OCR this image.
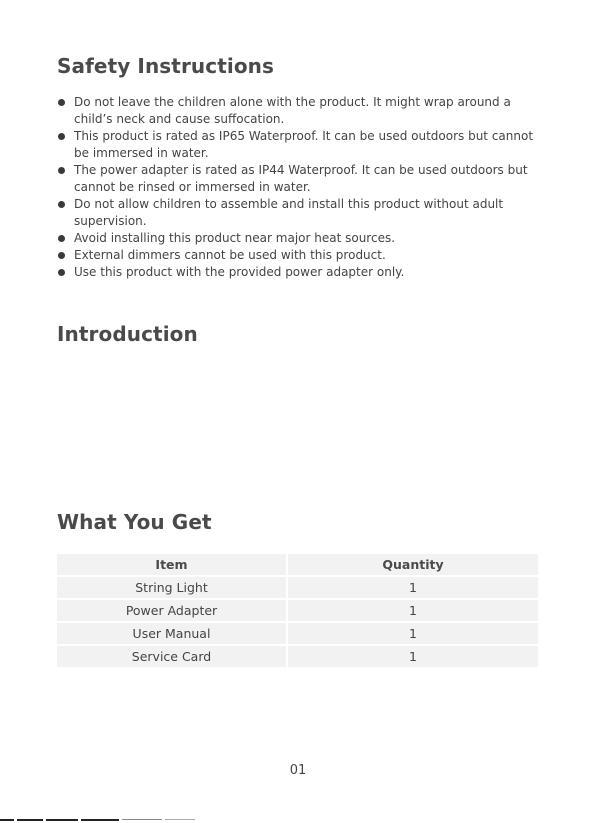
Safety Instructions
Do not leave the children alone with the product. It might wrap around a child’s neck and cause suffocation.
This product is rated as IP65 Waterproof. It can be used outdoors but cannot be immersed in water.
The power adapter is rated as IP44 Waterproof. It can be used outdoors but cannot be rinsed or immersed in water.
Do not allow children to assemble and install this product without adult supervision.
Avoid installing this product near major heat sources.
External dimmers cannot be used with this product.
Use this product with the provided power adapter only.
Introduction
What You Get
Item	Quantity
String Light	1
Power Adapter	1
User Manual	1
Service Card	1
01
